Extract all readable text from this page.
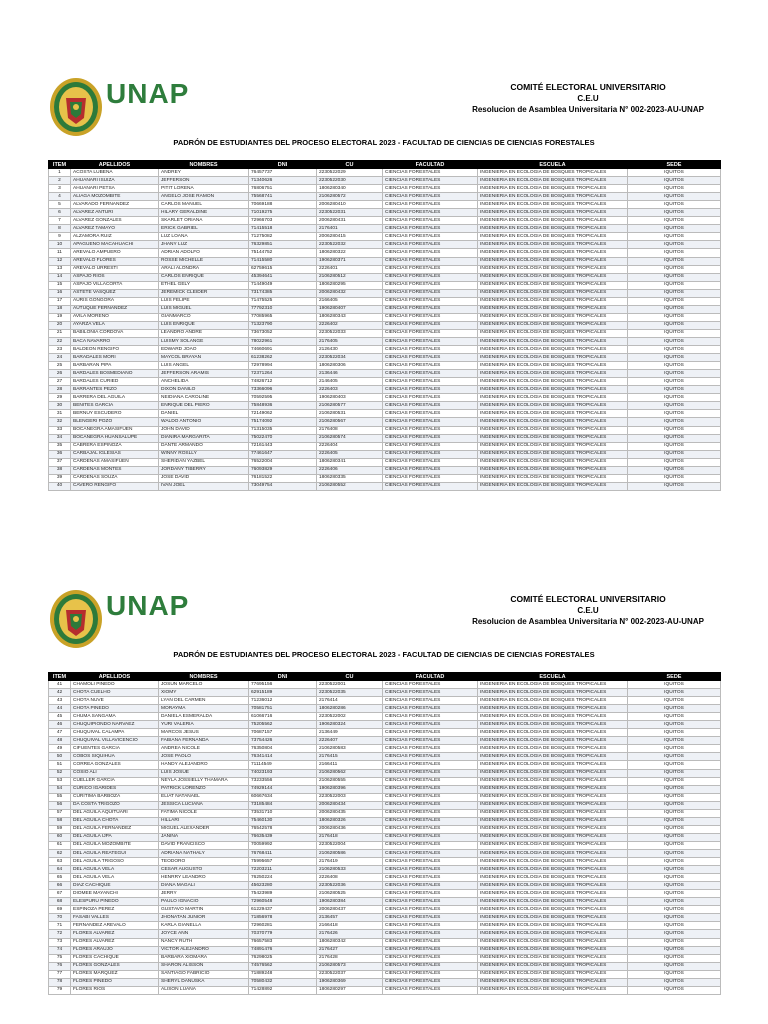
UNAP	COMITÉ ELECTORAL UNIVERSITARIO
C.E.U
Resolucion de Asamblea Universitaria N° 002-2023-AU-UNAP
PADRÓN DE ESTUDIANTES DEL PROCESO ELECTORAL 2023 - FACULTAD DE CIENCIAS DE CIENCIAS FORESTALES
ITEM	APELLIDOS	NOMBRES	DNI	CU	FACULTAD	ESCUELA	SEDE
1	ACOSTA LUBENA	ANDREY	76457737	2230522029	CIENCIAS FORESTALES	INGENIERIA EN ECOLOGIA DE BOSQUES TROPICALES	IQUITOS
2	AHUANARI ISUIZA	JEFFERSON	71340626	2230522030	CIENCIAS FORESTALES	INGENIERIA EN ECOLOGIA DE BOSQUES TROPICALES	IQUITOS
3	AHUANARI PETSA	PITIT LORENA	76806751	1806280340	CIENCIAS FORESTALES	INGENIERIA EN ECOLOGIA DE BOSQUES TROPICALES	IQUITOS
4	ALIAGA MOZOMBITE	ANGELO JOSE RAMON	75568741	2106280572	CIENCIAS FORESTALES	INGENIERIA EN ECOLOGIA DE BOSQUES TROPICALES	IQUITOS
5	ALVARADO FERNANDEZ	CARLOS MANUEL	70669188	2006280410	CIENCIAS FORESTALES	INGENIERIA EN ECOLOGIA DE BOSQUES TROPICALES	IQUITOS
6	ALVAREZ ANTURI	HILARY GERALDINE	71019275	2230522031	CIENCIAS FORESTALES	INGENIERIA EN ECOLOGIA DE BOSQUES TROPICALES	IQUITOS
7	ALVAREZ GONZALES	SKARLET ORIANA	72966703	2006280431	CIENCIAS FORESTALES	INGENIERIA EN ECOLOGIA DE BOSQUES TROPICALES	IQUITOS
8	ALVAREZ TAMAYO	ERICK GABRIEL	71415518	2176401	CIENCIAS FORESTALES	INGENIERIA EN ECOLOGIA DE BOSQUES TROPICALES	IQUITOS
9	ALZAMORA RUIZ	LUZ LOANA	71275082	2006280415	CIENCIAS FORESTALES	INGENIERIA EN ECOLOGIA DE BOSQUES TROPICALES	IQUITOS
10	APAGUENO MACAHUACHI	JHANY LUZ	76329851	2230522032	CIENCIAS FORESTALES	INGENIERIA EN ECOLOGIA DE BOSQUES TROPICALES	IQUITOS
11	AREVALO AMPUERO	ADRIAN ADOLFO	75144752	1806280322	CIENCIAS FORESTALES	INGENIERIA EN ECOLOGIA DE BOSQUES TROPICALES	IQUITOS
12	AREVALO FLORES	ROSSE MICHELLE	71415580	1906280371	CIENCIAS FORESTALES	INGENIERIA EN ECOLOGIA DE BOSQUES TROPICALES	IQUITOS
13	AREVALO URRESTI	ARALI ALONDRA	62759615	2226401	CIENCIAS FORESTALES	INGENIERIA EN ECOLOGIA DE BOSQUES TROPICALES	IQUITOS
14	ASPAJO RIOS	CARLOS ENRIQUE	45394641	2106280512	CIENCIAS FORESTALES	INGENIERIA EN ECOLOGIA DE BOSQUES TROPICALES	IQUITOS
15	ASPAJO VILLACORTA	ETHEL GELY	71449049	1806280295	CIENCIAS FORESTALES	INGENIERIA EN ECOLOGIA DE BOSQUES TROPICALES	IQUITOS
16	ASTETE VASQUEZ	JEREMICK CLEIDER	73174385	2006280432	CIENCIAS FORESTALES	INGENIERIA EN ECOLOGIA DE BOSQUES TROPICALES	IQUITOS
17	AURIS GONGORA	LUIS FELIPE	71475525	2166405	CIENCIAS FORESTALES	INGENIERIA EN ECOLOGIA DE BOSQUES TROPICALES	IQUITOS
18	AUTUQUE FERNANDEZ	LUIS MIGUEL	77792310	1906280407	CIENCIAS FORESTALES	INGENIERIA EN ECOLOGIA DE BOSQUES TROPICALES	IQUITOS
19	AVILA MORENO	GIANMARCO	77085965	1806280343	CIENCIAS FORESTALES	INGENIERIA EN ECOLOGIA DE BOSQUES TROPICALES	IQUITOS
20	AYARZA VELA	LUIS ENRIQUE	71323790	2226402	CIENCIAS FORESTALES	INGENIERIA EN ECOLOGIA DE BOSQUES TROPICALES	IQUITOS
21	BABILONIA CORDOVA	LEANDRO ANDRE	73673052	2230522033	CIENCIAS FORESTALES	INGENIERIA EN ECOLOGIA DE BOSQUES TROPICALES	IQUITOS
22	BACA NAVARRO	LUISMY SOLANGE	78022961	2176405	CIENCIAS FORESTALES	INGENIERIA EN ECOLOGIA DE BOSQUES TROPICALES	IQUITOS
23	BALDEON RENGIFO	EDWARD JOAO	74660691	2126430	CIENCIAS FORESTALES	INGENIERIA EN ECOLOGIA DE BOSQUES TROPICALES	IQUITOS
24	BARADALES MORI	MAYCOL BRAYAN	61238262	2230522034	CIENCIAS FORESTALES	INGENIERIA EN ECOLOGIA DE BOSQUES TROPICALES	IQUITOS
25	BARBARAN PIPA	LUIS ANGEL	72978994	1806280306	CIENCIAS FORESTALES	INGENIERIA EN ECOLOGIA DE BOSQUES TROPICALES	IQUITOS
26	BARDALES BOSMEDIANO	JEFFERSON ARAMIS	72371264	2136446	CIENCIAS FORESTALES	INGENIERIA EN ECOLOGIA DE BOSQUES TROPICALES	IQUITOS
27	BARDALES CURIED	ANCHELIDA	74826712	2146405	CIENCIAS FORESTALES	INGENIERIA EN ECOLOGIA DE BOSQUES TROPICALES	IQUITOS
28	BARRANTES PEZO	DIXON DANILO	73366096	2226403	CIENCIAS FORESTALES	INGENIERIA EN ECOLOGIA DE BOSQUES TROPICALES	IQUITOS
29	BARRERA DEL AGUILA	NEIDIANA CAROLINE	70592595	1906280403	CIENCIAS FORESTALES	INGENIERIA EN ECOLOGIA DE BOSQUES TROPICALES	IQUITOS
30	BENITES GARCIA	ENRIQUE DEL PIERO	75848936	2106280577	CIENCIAS FORESTALES	INGENIERIA EN ECOLOGIA DE BOSQUES TROPICALES	IQUITOS
31	BERNUY ESCUDERO	DANIEL	72149062	2106280531	CIENCIAS FORESTALES	INGENIERIA EN ECOLOGIA DE BOSQUES TROPICALES	IQUITOS
32	BLENGERI POZO	WALDO ANTONIO	75174092	2106280567	CIENCIAS FORESTALES	INGENIERIA EN ECOLOGIA DE BOSQUES TROPICALES	IQUITOS
33	BOCANEGRA AMASIFUEN	JOHN DAVID	71315035	2176408	CIENCIAS FORESTALES	INGENIERIA EN ECOLOGIA DE BOSQUES TROPICALES	IQUITOS
34	BOCANEGRA HUANSALUPE	DIANIRA MARGARITA	75022470	2106280574	CIENCIAS FORESTALES	INGENIERIA EN ECOLOGIA DE BOSQUES TROPICALES	IQUITOS
35	CABRERA ESPINOZA	DANTE ARMANDO	72161443	2226404	CIENCIAS FORESTALES	INGENIERIA EN ECOLOGIA DE BOSQUES TROPICALES	IQUITOS
36	CARBAJAL IGLESIAS	WINNY ROSLLY	77461647	2226405	CIENCIAS FORESTALES	INGENIERIA EN ECOLOGIA DE BOSQUES TROPICALES	IQUITOS
37	CARDENAS AMASIFUEN	SHERIDAN YAZBEL	76522004	1806280341	CIENCIAS FORESTALES	INGENIERIA EN ECOLOGIA DE BOSQUES TROPICALES	IQUITOS
38	CARDENAS MONTES	JORDANY TIBERRY	76093829	2226406	CIENCIAS FORESTALES	INGENIERIA EN ECOLOGIA DE BOSQUES TROPICALES	IQUITOS
39	CARDENAS SOUZA	JOSE DAVID	76181522	1806280335	CIENCIAS FORESTALES	INGENIERIA EN ECOLOGIA DE BOSQUES TROPICALES	IQUITOS
40	CAVERO RENGIFO	IVAN JOEL	73049754	2106280552	CIENCIAS FORESTALES	INGENIERIA EN ECOLOGIA DE BOSQUES TROPICALES	IQUITOS
UNAP	COMITÉ ELECTORAL UNIVERSITARIO
C.E.U
Resolucion de Asamblea Universitaria N° 002-2023-AU-UNAP
PADRÓN DE ESTUDIANTES DEL PROCESO ELECTORAL 2023 - FACULTAD DE CIENCIAS DE CIENCIAS FORESTALES
ITEM	APELLIDOS	NOMBRES	DNI	CU	FACULTAD	ESCUELA	SEDE
41	CHAMOLI PINEDO	JOSUN MARCELO	77695156	2230522001	CIENCIAS FORESTALES	INGENIERIA EN ECOLOGIA DE BOSQUES TROPICALES	IQUITOS
42	CHOTA CUELHO	XIOMY	62915189	2230522035	CIENCIAS FORESTALES	INGENIERIA EN ECOLOGIA DE BOSQUES TROPICALES	IQUITOS
43	CHOTA NUVE	LYAN DEL CARMEN	71236012	2176414	CIENCIAS FORESTALES	INGENIERIA EN ECOLOGIA DE BOSQUES TROPICALES	IQUITOS
44	CHOTA PINEDO	MORAYMA	70581751	1806280286	CIENCIAS FORESTALES	INGENIERIA EN ECOLOGIA DE BOSQUES TROPICALES	IQUITOS
45	CHUMA SANGAMA	DANIELA ESMERALDA	61066716	2230522002	CIENCIAS FORESTALES	INGENIERIA EN ECOLOGIA DE BOSQUES TROPICALES	IQUITOS
46	CHUQUIPIONDO NARVAEZ	YURI VALERIA	75205562	1906280324	CIENCIAS FORESTALES	INGENIERIA EN ECOLOGIA DE BOSQUES TROPICALES	IQUITOS
47	CHUQUIVAL CALAMPA	MARCOS JESUS	70687157	2136449	CIENCIAS FORESTALES	INGENIERIA EN ECOLOGIA DE BOSQUES TROPICALES	IQUITOS
48	CHUQUIVAL VILLAVICENCIO	FABIANA FERNANDA	73754426	2226407	CIENCIAS FORESTALES	INGENIERIA EN ECOLOGIA DE BOSQUES TROPICALES	IQUITOS
49	CIFUENTES GARCIA	ANDREA NICOLE	76350804	2106280583	CIENCIAS FORESTALES	INGENIERIA EN ECOLOGIA DE BOSQUES TROPICALES	IQUITOS
50	COBOS SIQUIHUA	JOSE PAOLO	76341414	2176415	CIENCIAS FORESTALES	INGENIERIA EN ECOLOGIA DE BOSQUES TROPICALES	IQUITOS
51	CORREA GONZALES	HANDY ALEJANDRO	71114549	2166411	CIENCIAS FORESTALES	INGENIERIA EN ECOLOGIA DE BOSQUES TROPICALES	IQUITOS
52	COSIO ALI	LUIS JOSUE	74023193	2106280562	CIENCIAS FORESTALES	INGENIERIA EN ECOLOGIA DE BOSQUES TROPICALES	IQUITOS
53	CUELLER GARCIA	NEYLA JOSSIELLY THAMARA	73233556	2106280555	CIENCIAS FORESTALES	INGENIERIA EN ECOLOGIA DE BOSQUES TROPICALES	IQUITOS
54	CURICO IGARIDES	PATRICK LORENZO	74929144	1906280396	CIENCIAS FORESTALES	INGENIERIA EN ECOLOGIA DE BOSQUES TROPICALES	IQUITOS
55	CURITIMA BARBOZA	ELIAT NATANAEL	60667634	2230522003	CIENCIAS FORESTALES	INGENIERIA EN ECOLOGIA DE BOSQUES TROPICALES	IQUITOS
56	DA COSTA TRIGOZO	JESSICA LUCIANA	73185484	2006280434	CIENCIAS FORESTALES	INGENIERIA EN ECOLOGIA DE BOSQUES TROPICALES	IQUITOS
57	DEL AGUILA AQUITUARI	FATIMA NICOLE	73531710	2006280435	CIENCIAS FORESTALES	INGENIERIA EN ECOLOGIA DE BOSQUES TROPICALES	IQUITOS
58	DEL AGUILA CHOTA	HILLARI	75460130	1806280326	CIENCIAS FORESTALES	INGENIERIA EN ECOLOGIA DE BOSQUES TROPICALES	IQUITOS
59	DEL AGUILA FERNANDEZ	MIGUEL ALEXANDER	76542578	2006280436	CIENCIAS FORESTALES	INGENIERIA EN ECOLOGIA DE BOSQUES TROPICALES	IQUITOS
60	DEL AGUILA IJPA	JANINA	76635439	2176418	CIENCIAS FORESTALES	INGENIERIA EN ECOLOGIA DE BOSQUES TROPICALES	IQUITOS
61	DEL AGUILA MOZOMBITE	DAVID FRANCISCO	70059992	2230522004	CIENCIAS FORESTALES	INGENIERIA EN ECOLOGIA DE BOSQUES TROPICALES	IQUITOS
62	DEL AGUILA REATEGUI	ADRIANA NATHALY	76768411	2106280586	CIENCIAS FORESTALES	INGENIERIA EN ECOLOGIA DE BOSQUES TROPICALES	IQUITOS
63	DEL AGUILA TRIGOSO	TEODORO	75995657	2176419	CIENCIAS FORESTALES	INGENIERIA EN ECOLOGIA DE BOSQUES TROPICALES	IQUITOS
64	DEL AGUILA VELA	CESAR AUGUSTO	72203211	2106280533	CIENCIAS FORESTALES	INGENIERIA EN ECOLOGIA DE BOSQUES TROPICALES	IQUITOS
65	DEL AGUILA VELA	HENRRY LEANDRO	76250224	2226408	CIENCIAS FORESTALES	INGENIERIA EN ECOLOGIA DE BOSQUES TROPICALES	IQUITOS
66	DIAZ CACHIQUE	DIANA MAGALI	45623280	2230522036	CIENCIAS FORESTALES	INGENIERIA EN ECOLOGIA DE BOSQUES TROPICALES	IQUITOS
67	DIOMEE MAYANCHI	JERRY	75423989	2106280525	CIENCIAS FORESTALES	INGENIERIA EN ECOLOGIA DE BOSQUES TROPICALES	IQUITOS
68	ELESPURU PINEDO	PAULO IGNACIO	72960548	1906280384	CIENCIAS FORESTALES	INGENIERIA EN ECOLOGIA DE BOSQUES TROPICALES	IQUITOS
69	ESPINOZA PEREZ	GUSTAVO MARTIN	61229437	2006280437	CIENCIAS FORESTALES	INGENIERIA EN ECOLOGIA DE BOSQUES TROPICALES	IQUITOS
70	FASABI VALLES	JHONATAN JUNIOR	71856978	2136457	CIENCIAS FORESTALES	INGENIERIA EN ECOLOGIA DE BOSQUES TROPICALES	IQUITOS
71	FERNANDEZ AREVALO	KARLA GIANELLA	72960281	2166418	CIENCIAS FORESTALES	INGENIERIA EN ECOLOGIA DE BOSQUES TROPICALES	IQUITOS
72	FLORES ALVAREZ	JOYCE ANN	70370779	2176426	CIENCIAS FORESTALES	INGENIERIA EN ECOLOGIA DE BOSQUES TROPICALES	IQUITOS
73	FLORES ALVAREZ	NANCY RUTH	76657583	1806280342	CIENCIAS FORESTALES	INGENIERIA EN ECOLOGIA DE BOSQUES TROPICALES	IQUITOS
74	FLORES ARAUJO	VICTOR ALEJANDRO	74891476	2176427	CIENCIAS FORESTALES	INGENIERIA EN ECOLOGIA DE BOSQUES TROPICALES	IQUITOS
75	FLORES CACHIQUE	BARBARA XIOMARA	76298025	2176428	CIENCIAS FORESTALES	INGENIERIA EN ECOLOGIA DE BOSQUES TROPICALES	IQUITOS
76	FLORES GONZALES	SHARON ALISSON	74576562	2106280573	CIENCIAS FORESTALES	INGENIERIA EN ECOLOGIA DE BOSQUES TROPICALES	IQUITOS
77	FLORES MARQUEZ	SANTIAGO FABRICIO	71889248	2230522037	CIENCIAS FORESTALES	INGENIERIA EN ECOLOGIA DE BOSQUES TROPICALES	IQUITOS
78	FLORES PINEDO	SHERYL DANUSKA	70580432	1906280369	CIENCIAS FORESTALES	INGENIERIA EN ECOLOGIA DE BOSQUES TROPICALES	IQUITOS
79	FLORES RIOS	ALISON LUANA	71428892	1806280297	CIENCIAS FORESTALES	INGENIERIA EN ECOLOGIA DE BOSQUES TROPICALES	IQUITOS
